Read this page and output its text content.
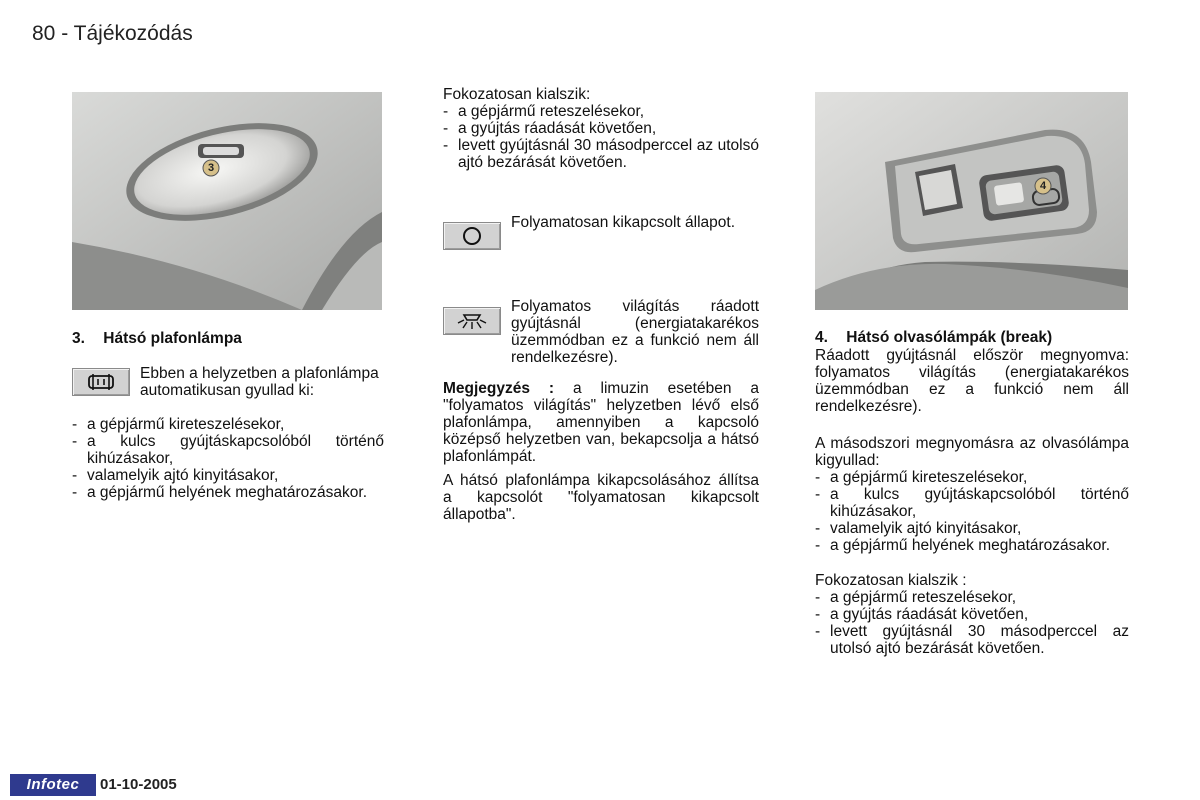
80 - Tájékozódás
3
3. Hátsó plafonlámpa

Ebben a helyzetben a plafonlámpa automatikusan gyullad ki:

- a gépjármű kireteszelésekor,
- a kulcs gyújtáskapcsolóból történő kihúzásakor,
- valamelyik ajtó kinyitásakor,
- a gépjármű helyének meghatározásakor.

Fokozatosan kialszik:

- a gépjármű reteszelésekor,
- a gyújtás ráadását követően,
- levett gyújtásnál 30 másodperccel az utolsó ajtó bezárását követően.

Folyamatosan kikapcsolt állapot.

Folyamatos világítás ráadott gyújtásnál (energiatakarékos üzemmódban ez a funkció nem áll rendelkezésre).

Megjegyzés : a limuzin esetében a "folyamatos világítás" helyzetben lévő első plafonlámpa, amennyiben a kapcsoló középső helyzetben van, bekapcsolja a hátsó plafonlámpát.

A hátsó plafonlámpa kikapcsolásához állítsa a kapcsolót "folyamatosan kikapcsolt állapotba".

4
4. Hátsó olvasólámpák (break)

Ráadott gyújtásnál először megnyomva: folyamatos világítás (energiatakarékos üzemmódban ez a funkció nem áll rendelkezésre).

A másodszori megnyomásra az olvasólámpa kigyullad:

- a gépjármű kireteszelésekor,
- a kulcs gyújtáskapcsolóból történő kihúzásakor,
- valamelyik ajtó kinyitásakor,
- a gépjármű helyének meghatározásakor.

Fokozatosan kialszik :

- a gépjármű reteszelésekor,
- a gyújtás ráadását követően,
- levett gyújtásnál 30 másodperccel az utolsó ajtó bezárását követően.
Infotec	01-10-2005
